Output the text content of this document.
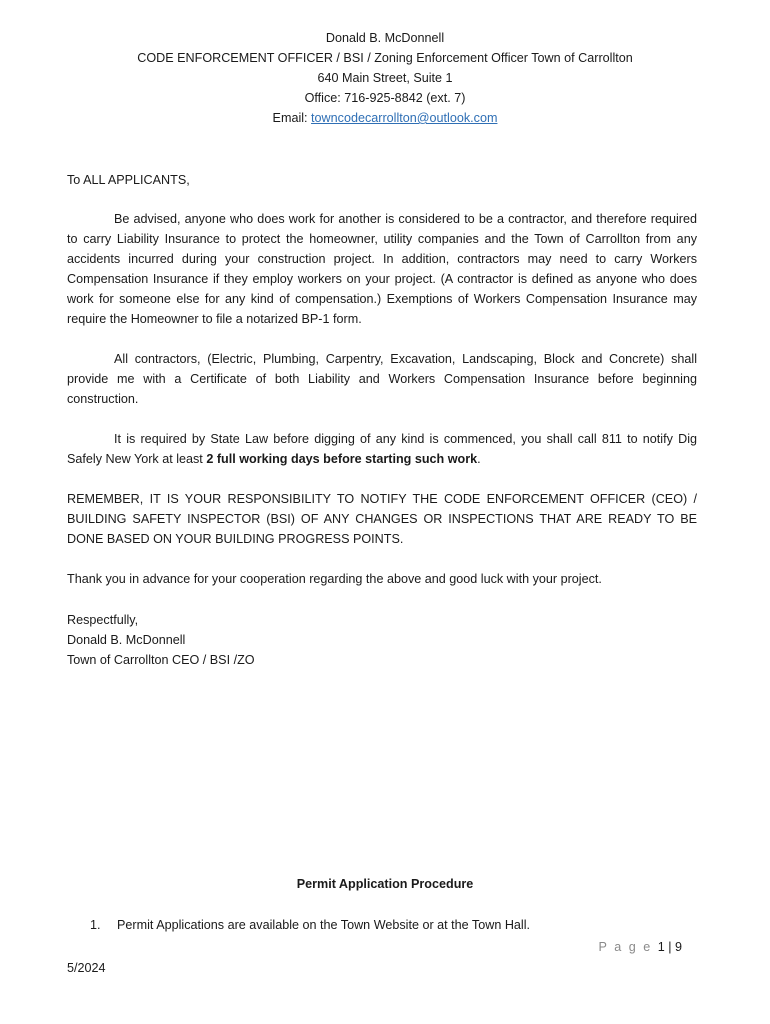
Donald B. McDonnell
CODE ENFORCEMENT OFFICER / BSI / Zoning Enforcement Officer Town of Carrollton
640 Main Street, Suite 1
Office: 716-925-8842 (ext. 7)
Email: towncodecarrollton@outlook.com
To ALL APPLICANTS,
Be advised, anyone who does work for another is considered to be a contractor, and therefore required to carry Liability Insurance to protect the homeowner, utility companies and the Town of Carrollton from any accidents incurred during your construction project. In addition, contractors may need to carry Workers Compensation Insurance if they employ workers on your project. (A contractor is defined as anyone who does work for someone else for any kind of compensation.) Exemptions of Workers Compensation Insurance may require the Homeowner to file a notarized BP-1 form.
All contractors, (Electric, Plumbing, Carpentry, Excavation, Landscaping, Block and Concrete) shall provide me with a Certificate of both Liability and Workers Compensation Insurance before beginning construction.
It is required by State Law before digging of any kind is commenced, you shall call 811 to notify Dig Safely New York at least 2 full working days before starting such work.
REMEMBER, IT IS YOUR RESPONSIBILITY TO NOTIFY THE CODE ENFORCEMENT OFFICER (CEO) / BUILDING SAFETY INSPECTOR (BSI) OF ANY CHANGES OR INSPECTIONS THAT ARE READY TO BE DONE BASED ON YOUR BUILDING PROGRESS POINTS.
Thank you in advance for your cooperation regarding the above and good luck with your project.
Respectfully,
Donald B. McDonnell
Town of Carrollton CEO / BSI /ZO
Permit Application Procedure
1. Permit Applications are available on the Town Website or at the Town Hall.
P a g e 1 | 9
5/2024
